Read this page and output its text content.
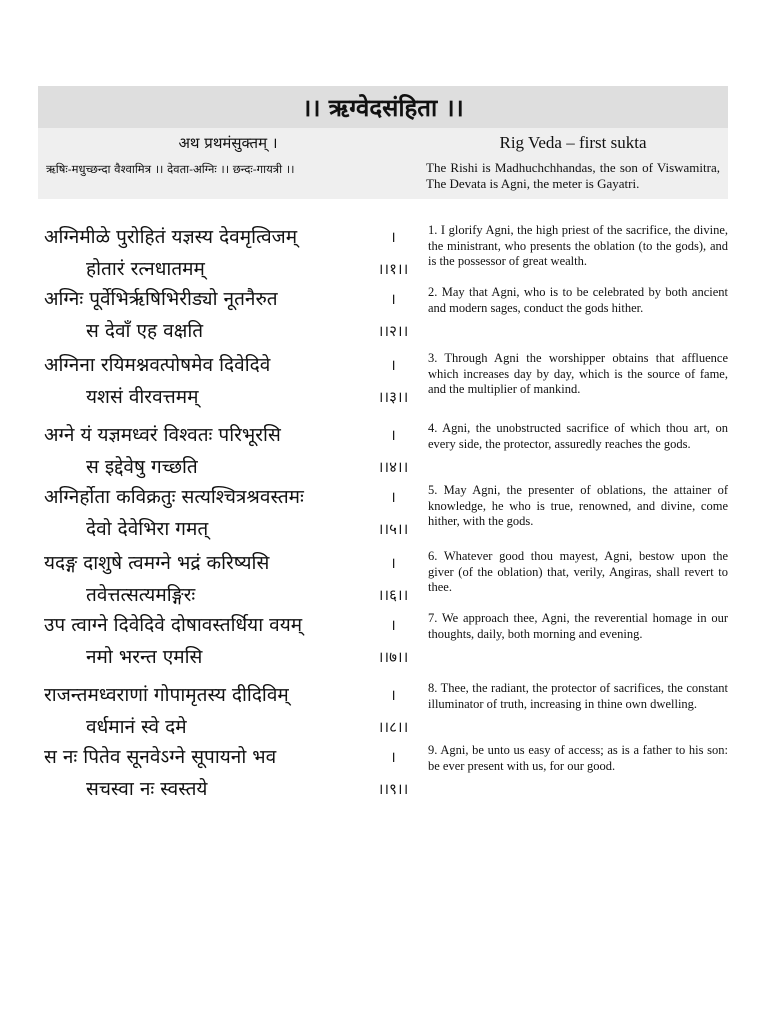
।। ऋग्वेदसंहिता ।।
अथ प्रथमंसुक्तम् ।
ऋषिः-मधुच्छन्दा वैश्वामित्र ।। देवता-अग्निः ।। छन्दः-गायत्री ।।
Rig Veda – first sukta
The Rishi is Madhuchchhandas, the son of Viswamitra, The Devata is Agni, the meter is Gayatri.
अग्निमीळे पुरोहितं यज्ञस्य देवमृत्विजम्	।
होतारं रत्नधातमम्	।।१।।
1. I glorify Agni, the high priest of the sacrifice, the divine, the ministrant, who presents the oblation (to the gods), and is the possessor of great wealth.
अग्निः पूर्वेभिर्ऋषिभिरीड्यो नूतनैरुत	।
स देवाँ एह वक्षति	।।२।।
2. May that Agni, who is to be celebrated by both ancient and modern sages, conduct the gods hither.
अग्निना रयिमश्नवत्पोषमेव दिवेदिवे	।
यशसं वीरवत्तमम्	।।३।।
3. Through Agni the worshipper obtains that affluence which increases day by day, which is the source of fame, and the multiplier of mankind.
अग्ने यं यज्ञमध्वरं विश्वतः परिभूरसि	।
स इद्देवेषु गच्छति	।।४।।
4. Agni, the unobstructed sacrifice of which thou art, on every side, the protector, assuredly reaches the gods.
अग्निर्होता कविक्रतुः सत्यश्चित्रश्रवस्तमः	।
देवो देवेभिरा गमत्	।।५।।
5. May Agni, the presenter of oblations, the attainer of knowledge, he who is true, renowned, and divine, come hither, with the gods.
यदङ्ग दाशुषे त्वमग्ने भद्रं करिष्यसि	।
तवेत्तत्सत्यमङ्गिरः	।।६।।
6. Whatever good thou mayest, Agni, bestow upon the giver (of the oblation) that, verily, Angiras, shall revert to thee.
उप त्वाग्ने दिवेदिवे दोषावस्तर्धिया वयम्	।
नमो भरन्त एमसि	।।७।।
7. We approach thee, Agni, the reverential homage in our thoughts, daily, both morning and evening.
राजन्तमध्वराणां गोपामृतस्य दीदिविम्	।
वर्धमानं स्वे दमे	।।८।।
8. Thee, the radiant, the protector of sacrifices, the constant illuminator of truth, increasing in thine own dwelling.
स नः पितेव सूनवेऽग्ने सूपायनो भव	।
सचस्वा नः स्वस्तये	।।९।।
9. Agni, be unto us easy of access; as is a father to his son: be ever present with us, for our good.
